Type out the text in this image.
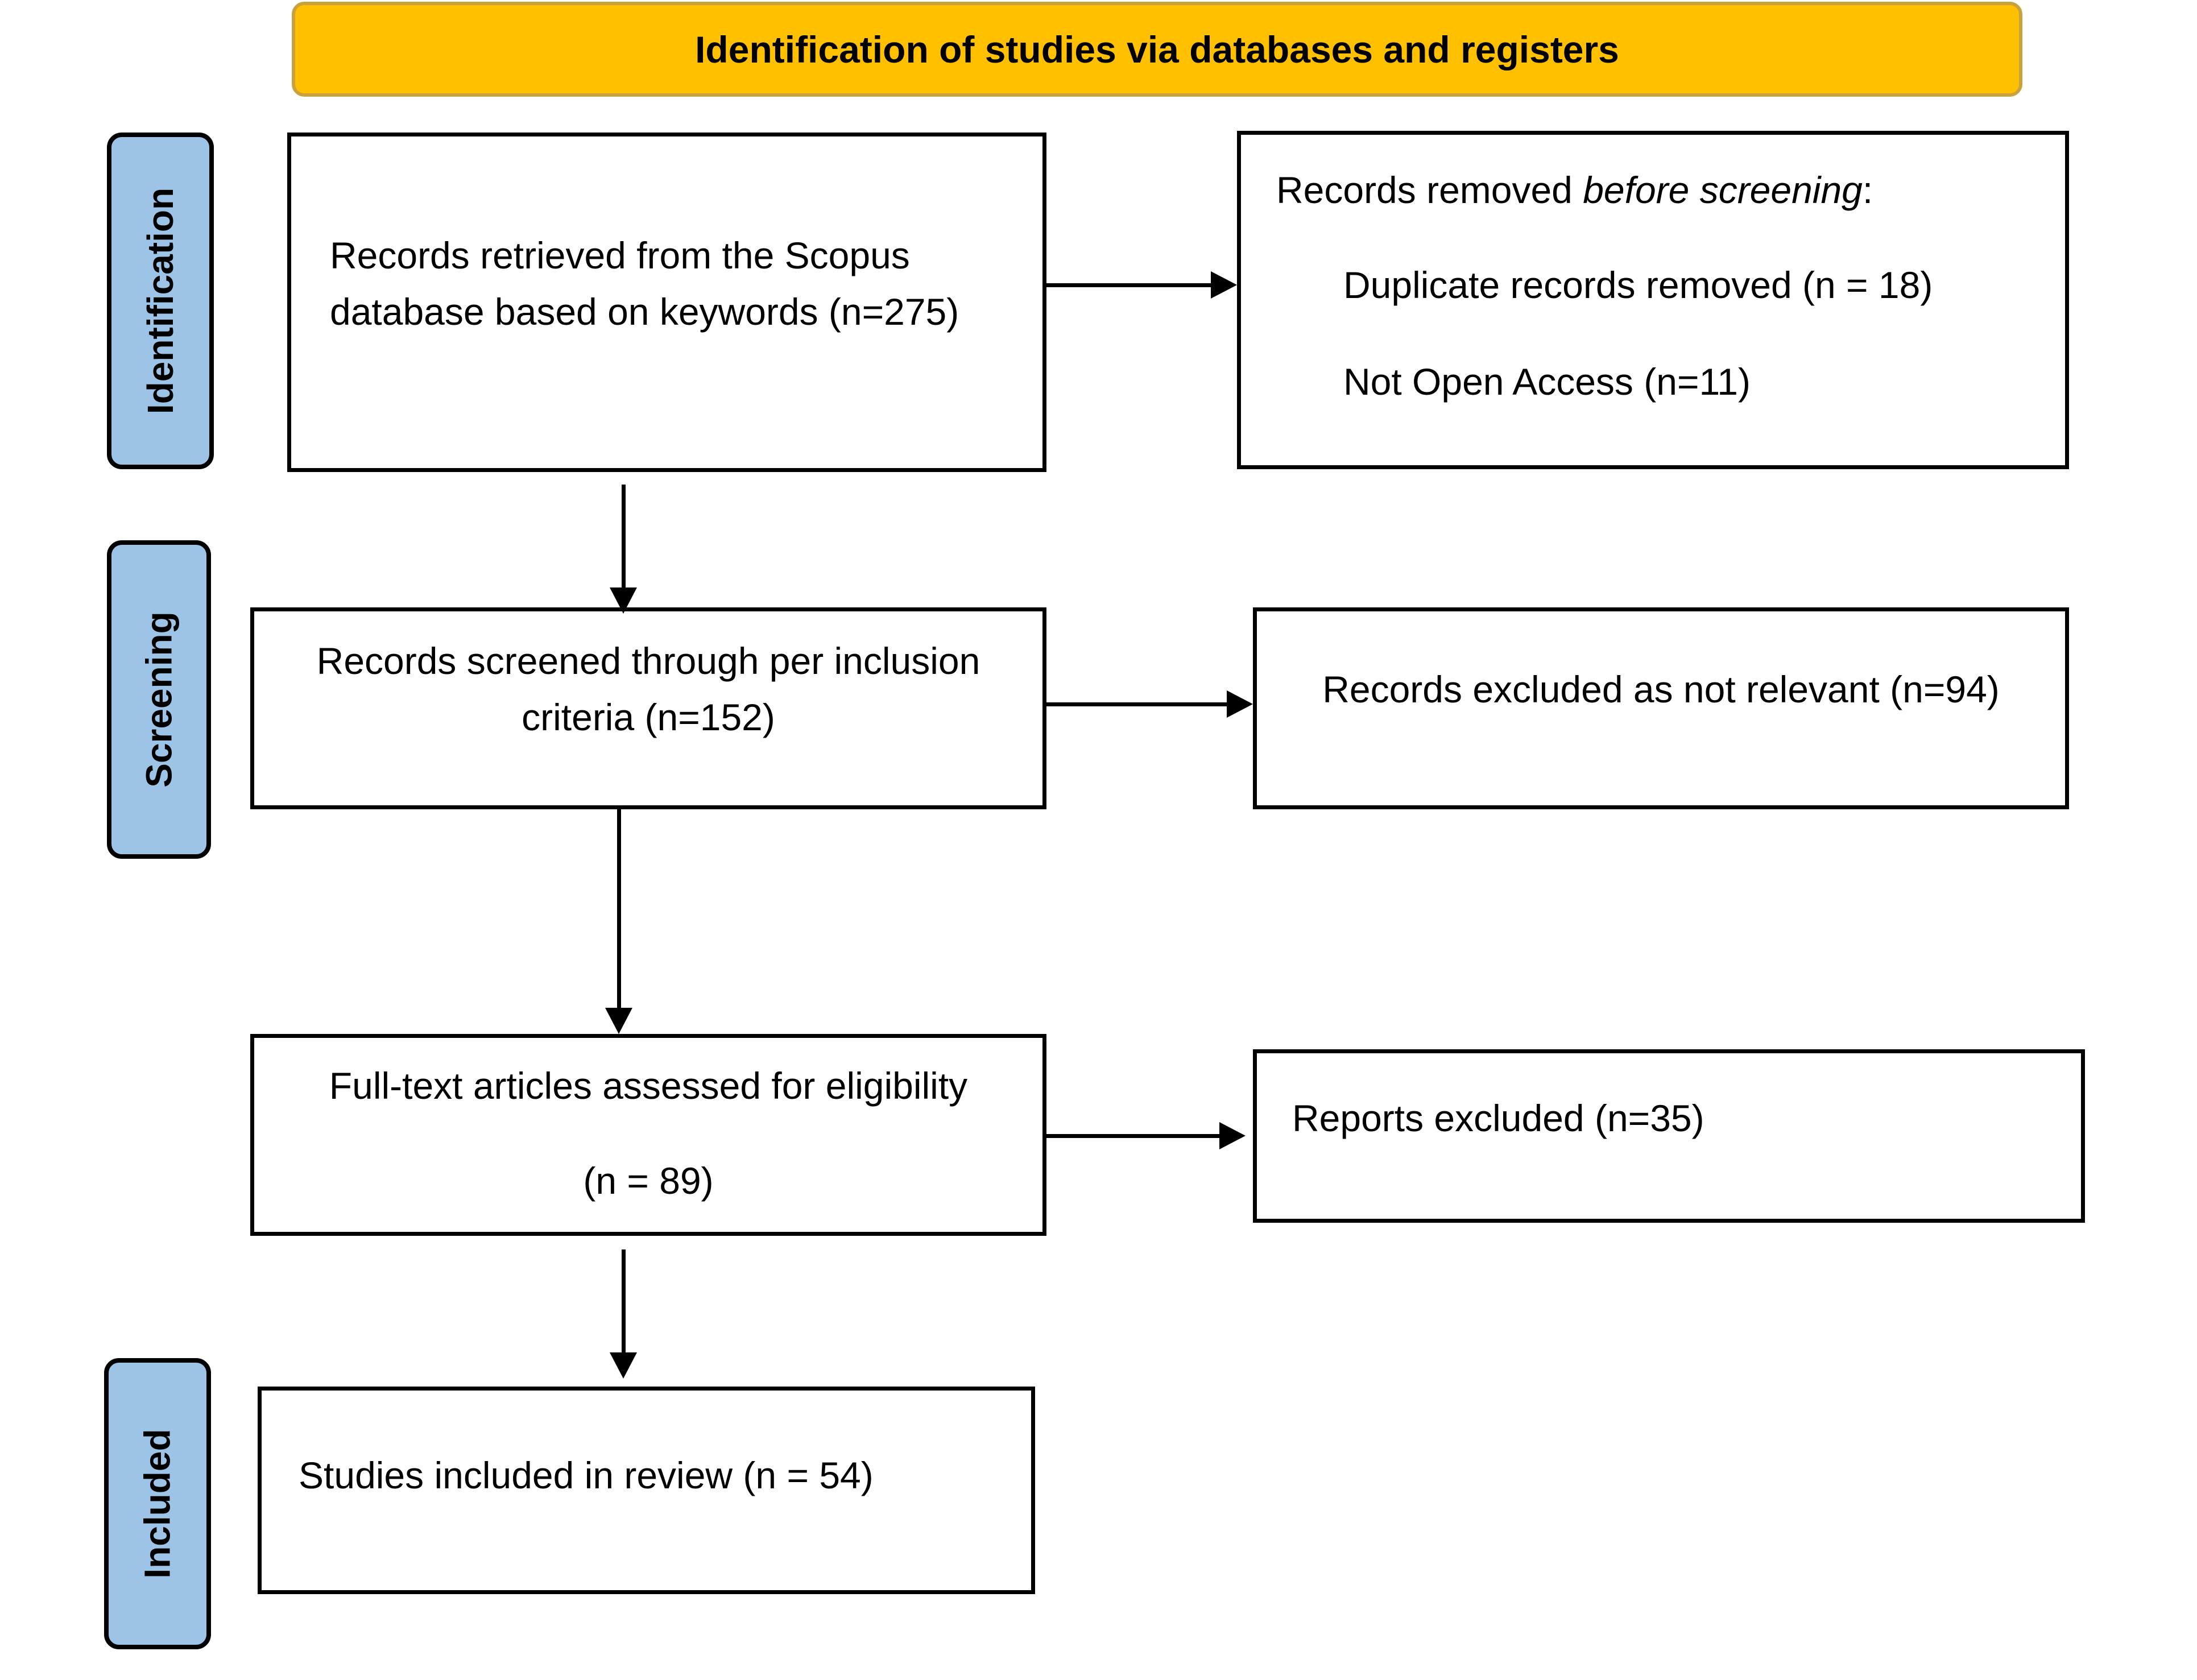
Identification of studies via databases and registers
Identification
Screening
Included
Records retrieved from the Scopus
database based on keywords (n=275)
Records removed before screening:
Duplicate records removed (n = 18)
Not Open Access (n=11)
Records screened through per inclusion
criteria (n=152)
Records excluded as not relevant (n=94)
Full-text articles assessed for eligibility
(n = 89)
Reports excluded (n=35)
Studies included in review (n = 54)
